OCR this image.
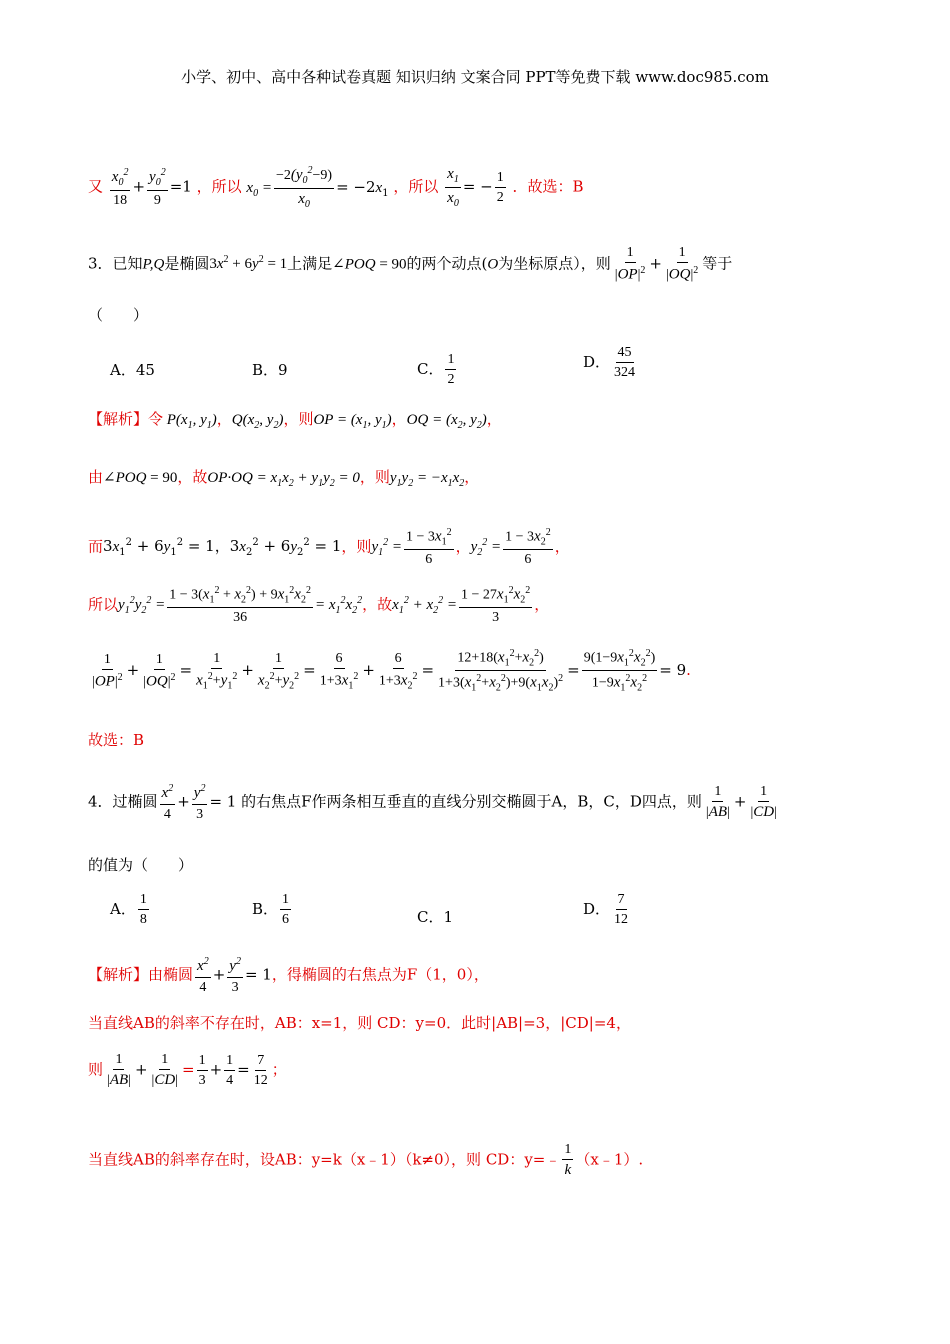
小学、初中、高中各种试卷真题 知识归纳 文案合同 PPT等免费下载 www.doc985.com
又 $\frac{x_0^2}{18} + \frac{y_0^2}{9} =1$ ，所以 $x_0 = \frac{-2(y_0^2-9)}{x_0} = -2x_1$ ，所以 $\frac{x_1}{x_0}$ = − $\frac{1}{2}$ ．故选：B
3．已知P,Q是椭圆$3x^2 + 6y^2 = 1$上满足∠POQ = 90的两个动点(O为坐标原点），则 $\frac{1}{|OP|^2} + \frac{1}{|OQ|^2}$ 等于
（　　）
A．45	B．9	C． $\frac{1}{2}$	D． $\frac{45}{324}$
【解析】令 $P(x_1$, $y_1$)，$Q(x_2$, $y_2$)，则OP = ($x_1$, $y_1$)，OQ = ($x_2$, $y_2$)，
由∠POQ = 90，故$OP\cdot OQ = x_1x_2 + y_1y_2 = 0$，则$y_1y_2 = -x_1x_2$，
而$3x_1^2 + 6y_1^2 = 1$，$3x_2^2 + 6y_2^2 = 1$，则$y_1^2 = \frac{1 - 3x_1^2}{6}$ ，$y_2^2 = \frac{1 - 3x_2^2}{6}$ ，
所以$y_1^2y_2^2 = \frac{1 - 3(x_1^2 + x_2^2) + 9x_1^2x_2^2}{36} = x_1^2x_2^2$，故$x_1^2 + x_2^2 = \frac{1 - 27x_1^2x_2^2}{3}$ ，
$\frac{1}{|OP|^2} + \frac{1}{|OQ|^2} = \frac{1}{x_1^2+y_1^2} + \frac{1}{x_2^2+y_2^2} = \frac{6}{1+3x_1^2} + \frac{6}{1+3x_2^2} = \frac{12+18(x_1^2+x_2^2)}{1+3(x_1^2+x_2^2)+9(x_1x_2)^2} = \frac{9(1-9x_1^2x_2^2)}{1-9x_1^2x_2^2} = 9$.
故选：B
4．过椭圆 $\frac{x^2}{4} + \frac{y^2}{3} = 1$ 的右焦点F作两条相互垂直的直线分别交椭圆于A，B，C，D四点，则 $\frac{1}{|AB|} + \frac{1}{|CD|}$
的值为（　　）
A． $\frac{1}{8}$	B． $\frac{1}{6}$	C．1	D． $\frac{7}{12}$
【解析】由椭圆 $\frac{x^2}{4} + \frac{y^2}{3} = 1$，得椭圆的右焦点为F（1，0），
当直线AB的斜率不存在时，AB：x=1，则 CD：y=0．此时|AB|=3，|CD|=4，
则 $\frac{1}{|AB|} + \frac{1}{|CD|} = \frac{1}{3} + \frac{1}{4} = \frac{7}{12}$ ；
当直线AB的斜率存在时，设AB：y=k（x﹣1）（k≠0），则 CD：y=﹣ $\frac{1}{k}$ （x﹣1）.
